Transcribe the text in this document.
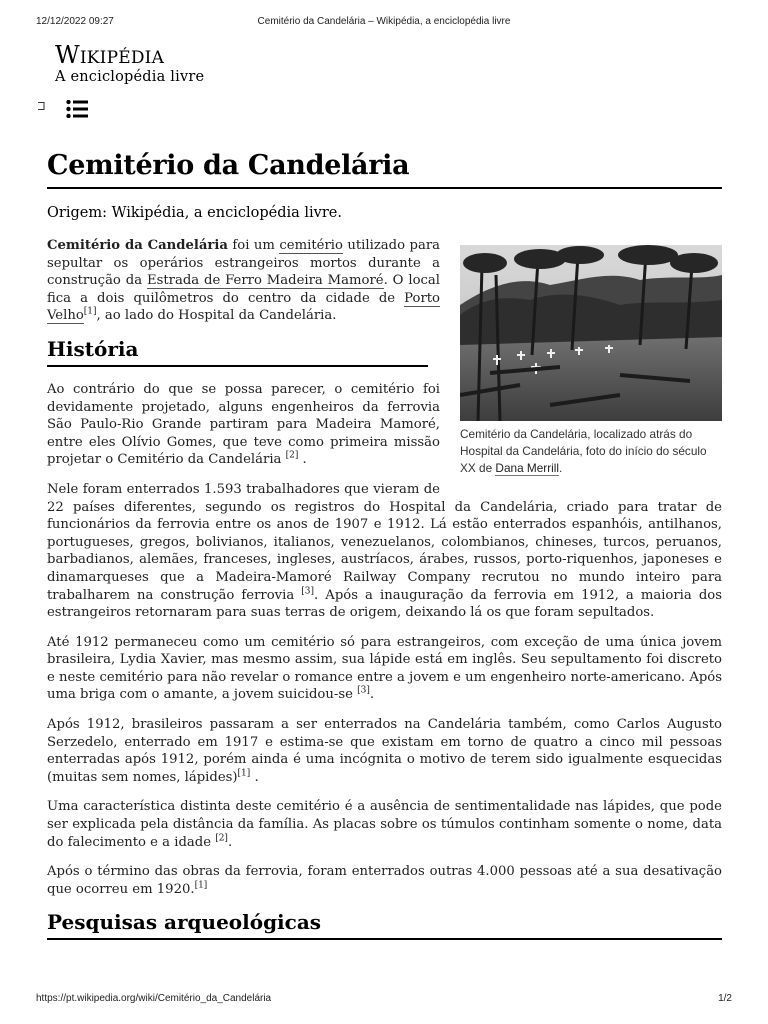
12/12/2022 09:27	Cemitério da Candelária – Wikipédia, a enciclopédia livre
Wikipédia
A enciclopédia livre
Cemitério da Candelária
Origem: Wikipédia, a enciclopédia livre.
Cemitério da Candelária, localizado atrás do Hospital da Candelária, foto do início do século XX de Dana Merrill.

Cemitério da Candelária foi um cemitério utilizado para sepultar os operários estrangeiros mortos durante a construção da Estrada de Ferro Madeira Mamoré. O local fica a dois quilômetros do centro da cidade de Porto Velho[1], ao lado do Hospital da Candelária.

História

Ao contrário do que se possa parecer, o cemitério foi devidamente projetado, alguns engenheiros da ferrovia São Paulo-Rio Grande partiram para Madeira Mamoré, entre eles Olívio Gomes, que teve como primeira missão projetar o Cemitério da Candelária [2] .

Nele foram enterrados 1.593 trabalhadores que vieram de 22 países diferentes, segundo os registros do Hospital da Candelária, criado para tratar de funcionários da ferrovia entre os anos de 1907 e 1912. Lá estão enterrados espanhóis, antilhanos, portugueses, gregos, bolivianos, italianos, venezuelanos, colombianos, chineses, turcos, peruanos, barbadianos, alemães, franceses, ingleses, austríacos, árabes, russos, porto-riquenhos, japoneses e dinamarqueses que a Madeira-Mamoré Railway Company recrutou no mundo inteiro para trabalharem na construção ferrovia [3]. Após a inauguração da ferrovia em 1912, a maioria dos estrangeiros retornaram para suas terras de origem, deixando lá os que foram sepultados.

Até 1912 permaneceu como um cemitério só para estrangeiros, com exceção de uma única jovem brasileira, Lydia Xavier, mas mesmo assim, sua lápide está em inglês. Seu sepultamento foi discreto e neste cemitério para não revelar o romance entre a jovem e um engenheiro norte-americano. Após uma briga com o amante, a jovem suicidou-se [3].

Após 1912, brasileiros passaram a ser enterrados na Candelária também, como Carlos Augusto Serzedelo, enterrado em 1917 e estima-se que existam em torno de quatro a cinco mil pessoas enterradas após 1912, porém ainda é uma incógnita o motivo de terem sido igualmente esquecidas (muitas sem nomes, lápides)[1] .

Uma característica distinta deste cemitério é a ausência de sentimentalidade nas lápides, que pode ser explicada pela distância da família. As placas sobre os túmulos continham somente o nome, data do falecimento e a idade [2].

Após o término das obras da ferrovia, foram enterrados outras 4.000 pessoas até a sua desativação que ocorreu em 1920.[1]

Pesquisas arqueológicas
https://pt.wikipedia.org/wiki/Cemitério_da_Candelária	1/2
